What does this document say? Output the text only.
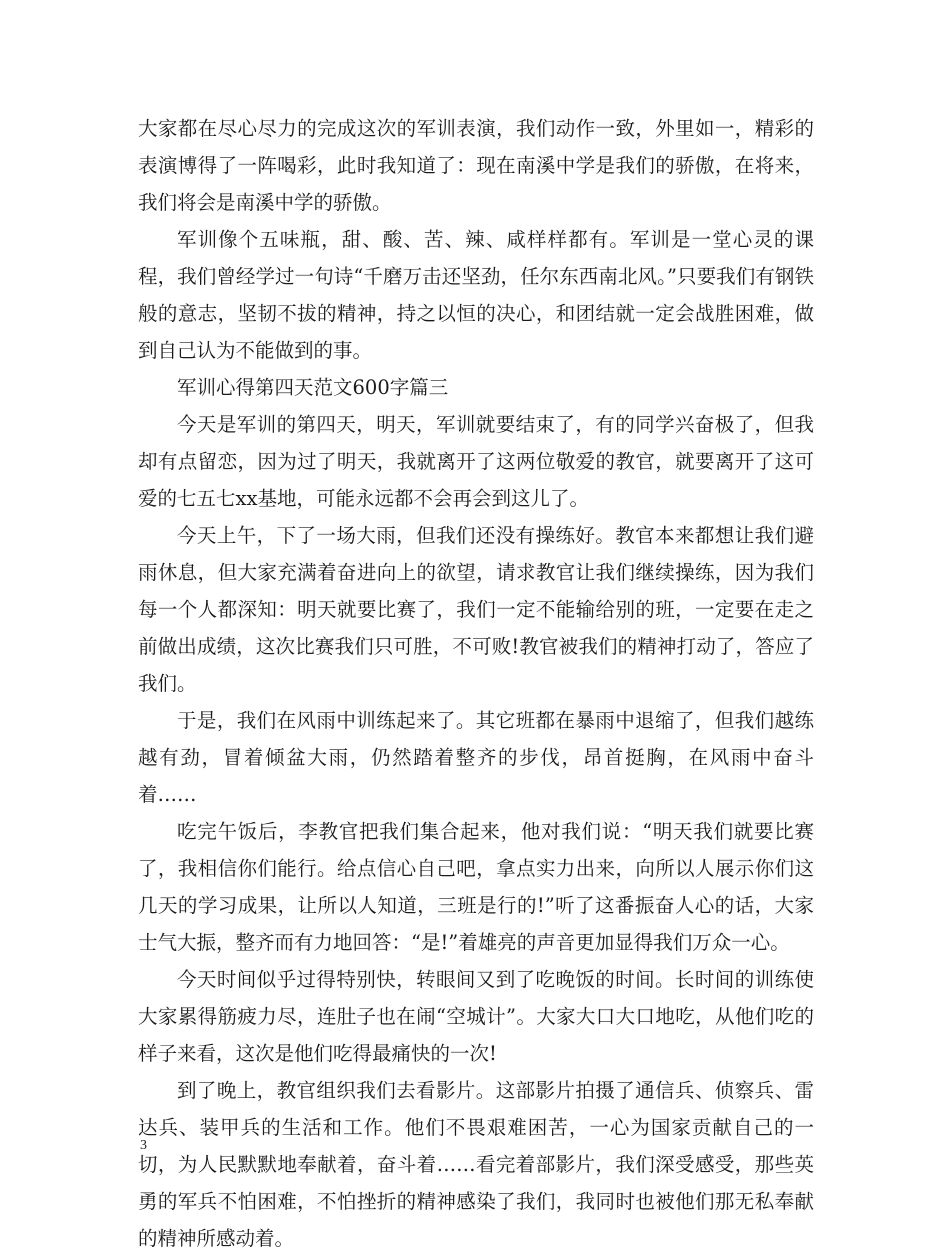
大家都在尽心尽力的完成这次的军训表演，我们动作一致，外里如一，精彩的表演博得了一阵喝彩，此时我知道了：现在南溪中学是我们的骄傲，在将来，我们将会是南溪中学的骄傲。

军训像个五味瓶，甜、酸、苦、辣、咸样样都有。军训是一堂心灵的课程，我们曾经学过一句诗“千磨万击还坚劲，任尔东西南北风。”只要我们有钢铁般的意志，坚韧不拔的精神，持之以恒的决心，和团结就一定会战胜困难，做到自己认为不能做到的事。

军训心得第四天范文600字篇三

今天是军训的第四天，明天，军训就要结束了，有的同学兴奋极了，但我却有点留恋，因为过了明天，我就离开了这两位敬爱的教官，就要离开了这可爱的七五七xx基地，可能永远都不会再会到这儿了。

今天上午，下了一场大雨，但我们还没有操练好。教官本来都想让我们避雨休息，但大家充满着奋进向上的欲望，请求教官让我们继续操练，因为我们每一个人都深知：明天就要比赛了，我们一定不能输给别的班，一定要在走之前做出成绩，这次比赛我们只可胜，不可败!教官被我们的精神打动了，答应了我们。

于是，我们在风雨中训练起来了。其它班都在暴雨中退缩了，但我们越练越有劲，冒着倾盆大雨，仍然踏着整齐的步伐，昂首挺胸，在风雨中奋斗着……

吃完午饭后，李教官把我们集合起来，他对我们说：“明天我们就要比赛了，我相信你们能行。给点信心自己吧，拿点实力出来，向所以人展示你们这几天的学习成果，让所以人知道，三班是行的!”听了这番振奋人心的话，大家士气大振，整齐而有力地回答：“是!”着雄亮的声音更加显得我们万众一心。

今天时间似乎过得特别快，转眼间又到了吃晚饭的时间。长时间的训练使大家累得筋疲力尽，连肚子也在闹“空城计”。大家大口大口地吃，从他们吃的样子来看，这次是他们吃得最痛快的一次!

到了晚上，教官组织我们去看影片。这部影片拍摄了通信兵、侦察兵、雷达兵、装甲兵的生活和工作。他们不畏艰难困苦，一心为国家贡献自己的一切，为人民默默地奉献着，奋斗着……看完着部影片，我们深受感受，那些英勇的军兵不怕困难，不怕挫折的精神感染了我们，我同时也被他们那无私奉献的精神所感动着。

3
